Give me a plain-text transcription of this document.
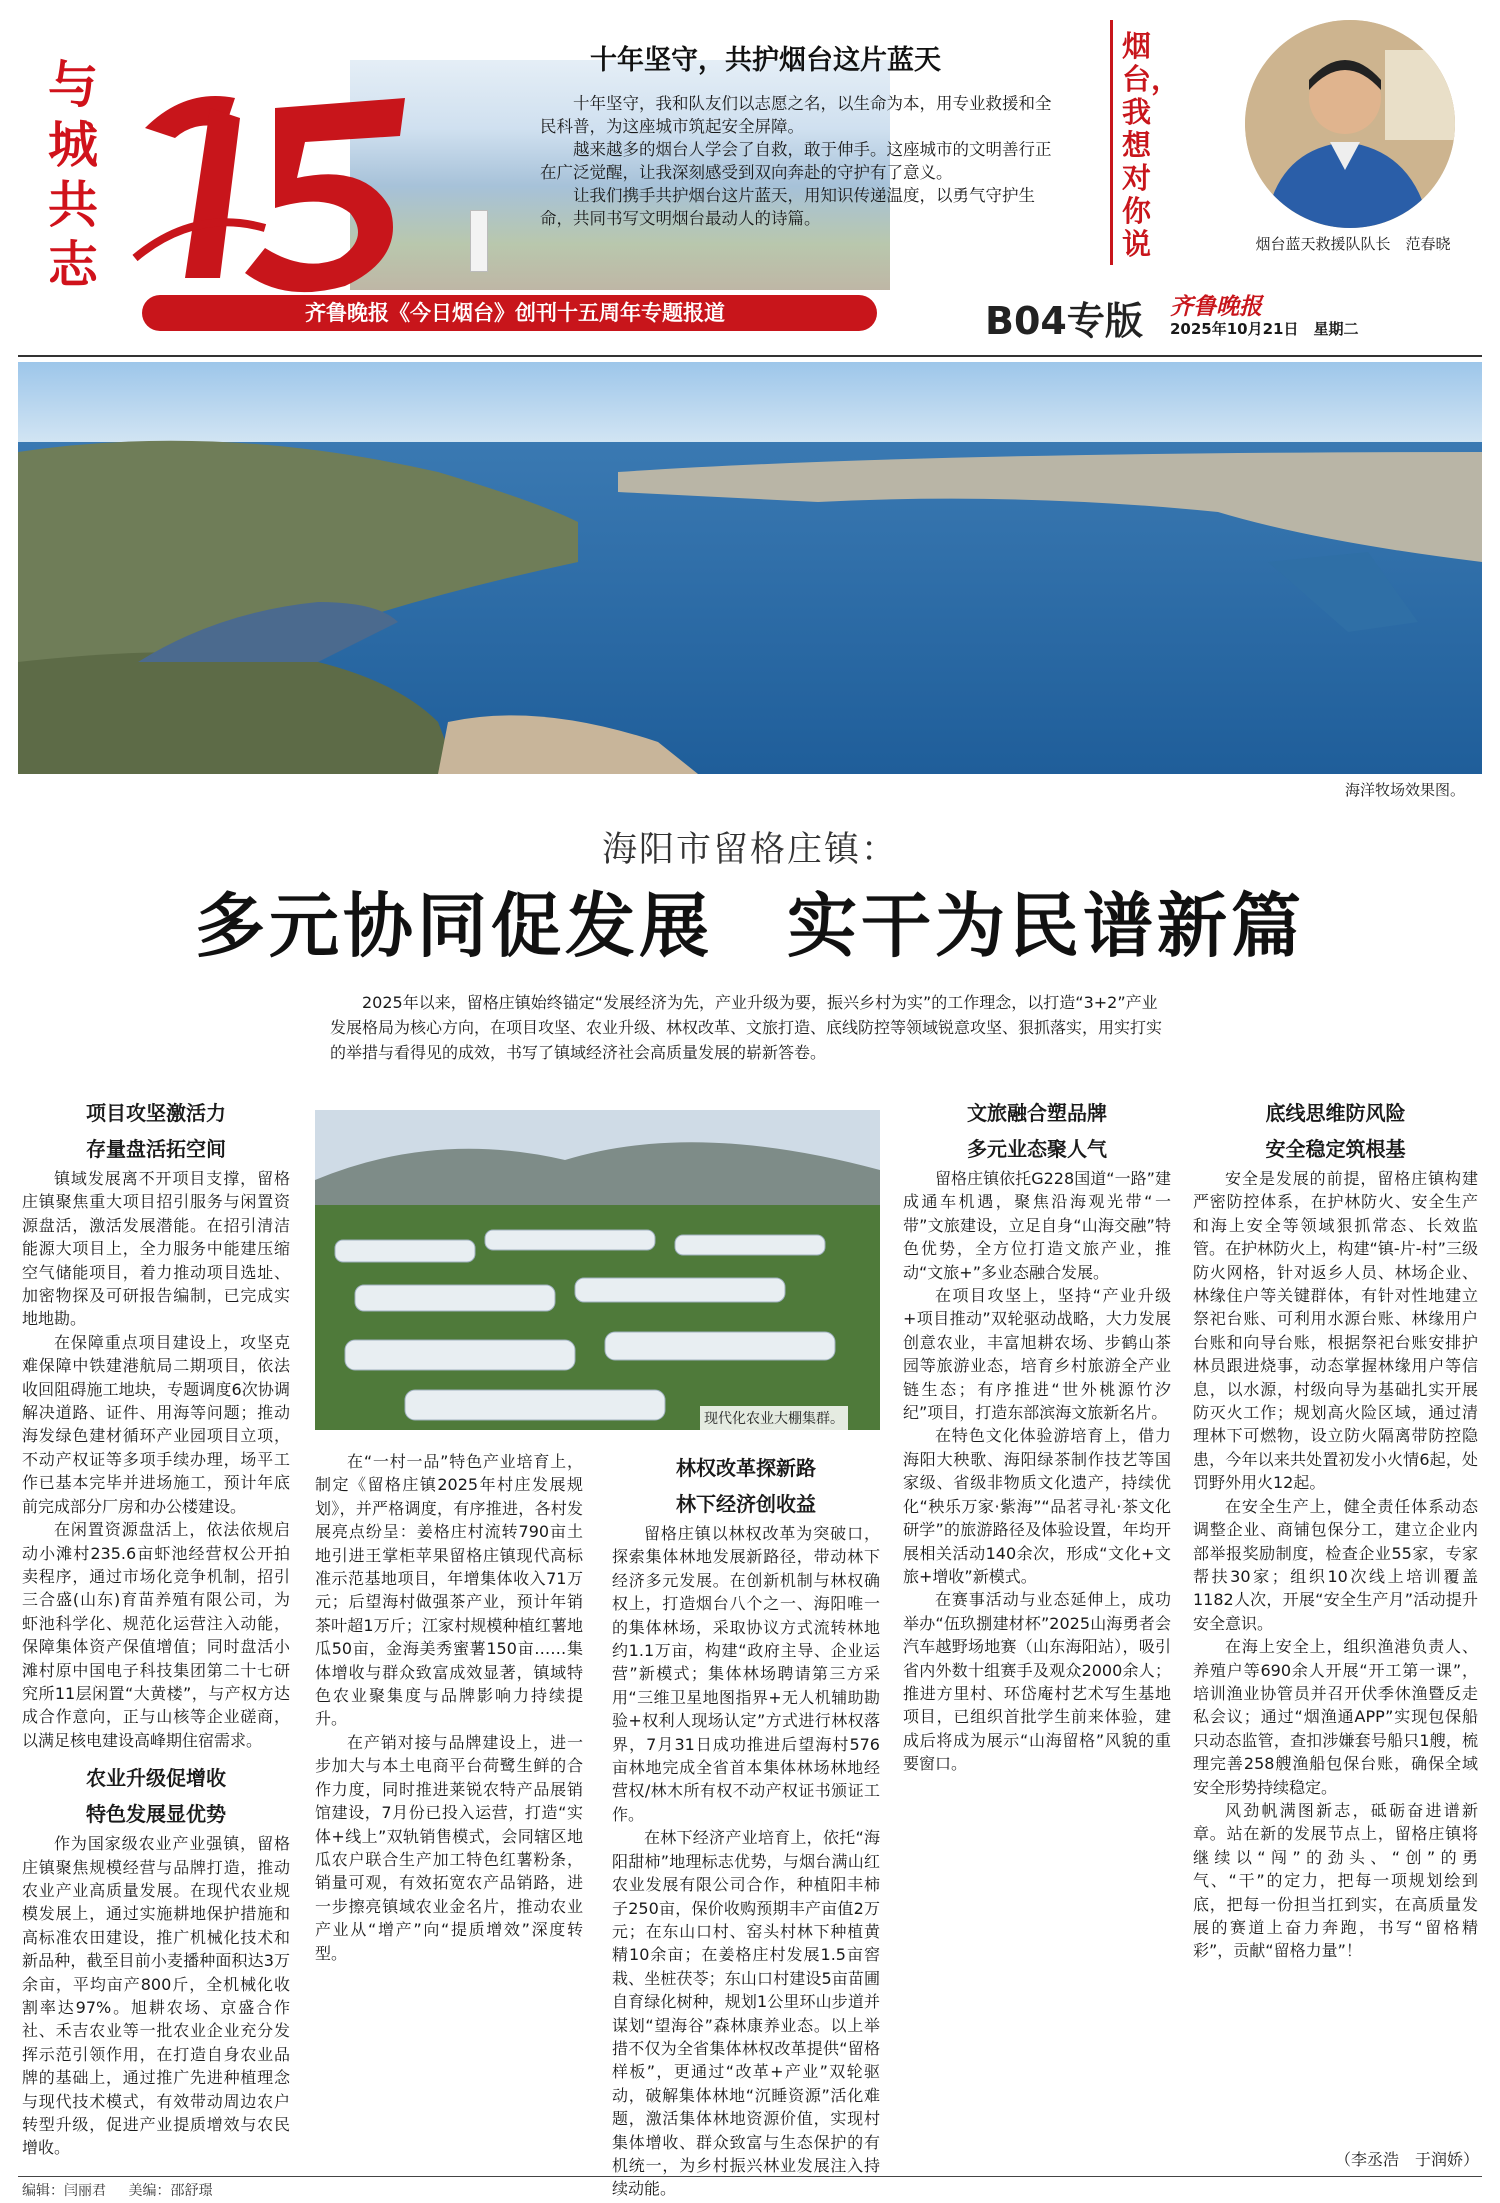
与城共志
15
齐鲁晚报《今日烟台》创刊十五周年专题报道
十年坚守，共护烟台这片蓝天

十年坚守，我和队友们以志愿之名，以生命为本，用专业救援和全民科普，为这座城市筑起安全屏障。

越来越多的烟台人学会了自救，敢于伸手。这座城市的文明善行正在广泛觉醒，让我深刻感受到双向奔赴的守护有了意义。

让我们携手共护烟台这片蓝天，用知识传递温度，以勇气守护生命，共同书写文明烟台最动人的诗篇。

烟台，我想对你说	烟台蓝天救援队队长　范春晓
B04专版 齐鲁晚报
2025年10月21日　星期二
海洋牧场效果图。
海阳市留格庄镇：
多元协同促发展　实干为民谱新篇
2025年以来，留格庄镇始终锚定“发展经济为先，产业升级为要，振兴乡村为实”的工作理念，以打造“3+2”产业发展格局为核心方向，在项目攻坚、农业升级、林权改革、文旅打造、底线防控等领域锐意攻坚、狠抓落实，用实打实的举措与看得见的成效，书写了镇域经济社会高质量发展的崭新答卷。
项目攻坚激活力
存量盘活拓空间

镇域发展离不开项目支撑，留格庄镇聚焦重大项目招引服务与闲置资源盘活，激活发展潜能。在招引清洁能源大项目上，全力服务中能建压缩空气储能项目，着力推动项目选址、加密物探及可研报告编制，已完成实地地勘。

在保障重点项目建设上，攻坚克难保障中铁建港航局二期项目，依法收回阻碍施工地块，专题调度6次协调解决道路、证件、用海等问题；推动海发绿色建材循环产业园项目立项，不动产权证等多项手续办理，场平工作已基本完毕并进场施工，预计年底前完成部分厂房和办公楼建设。

在闲置资源盘活上，依法依规启动小滩村235.6亩虾池经营权公开拍卖程序，通过市场化竞争机制，招引三合盛(山东)育苗养殖有限公司，为虾池科学化、规范化运营注入动能，保障集体资产保值增值；同时盘活小滩村原中国电子科技集团第二十七研究所11层闲置“大黄楼”，与产权方达成合作意向，正与山核等企业磋商，以满足核电建设高峰期住宿需求。

农业升级促增收
特色发展显优势

作为国家级农业产业强镇，留格庄镇聚焦规模经营与品牌打造，推动农业产业高质量发展。在现代农业规模发展上，通过实施耕地保护措施和高标准农田建设，推广机械化技术和新品种，截至目前小麦播种面积达3万余亩，平均亩产800斤，全机械化收割率达97%。旭耕农场、京盛合作社、禾吉农业等一批农业企业充分发挥示范引领作用，在打造自身农业品牌的基础上，通过推广先进种植理念与现代技术模式，有效带动周边农户转型升级，促进产业提质增效与农民增收。

现代化农业大棚集群。

在“一村一品”特色产业培育上，制定《留格庄镇2025年村庄发展规划》，并严格调度，有序推进，各村发展亮点纷呈：姜格庄村流转790亩土地引进王掌柜苹果留格庄镇现代高标准示范基地项目，年增集体收入71万元；后望海村做强茶产业，预计年销茶叶超1万斤；江家村规模种植红薯地瓜50亩，金海美秀蜜薯150亩……集体增收与群众致富成效显著，镇域特色农业聚集度与品牌影响力持续提升。

在产销对接与品牌建设上，进一步加大与本土电商平台荷鹭生鲜的合作力度，同时推进莱锐农特产品展销馆建设，7月份已投入运营，打造“实体+线上”双轨销售模式，会同辖区地瓜农户联合生产加工特色红薯粉条，销量可观，有效拓宽农产品销路，进一步擦亮镇域农业金名片，推动农业产业从“增产”向“提质增效”深度转型。

林权改革探新路
林下经济创收益

留格庄镇以林权改革为突破口，探索集体林地发展新路径，带动林下经济多元发展。在创新机制与林权确权上，打造烟台八个之一、海阳唯一的集体林场，采取协议方式流转林地约1.1万亩，构建“政府主导、企业运营”新模式；集体林场聘请第三方采用“三维卫星地图指界+无人机辅助勘验+权利人现场认定”方式进行林权落界，7月31日成功推进后望海村576亩林地完成全省首本集体林场林地经营权/林木所有权不动产权证书颁证工作。

在林下经济产业培育上，依托“海阳甜柿”地理标志优势，与烟台满山红农业发展有限公司合作，种植阳丰柿子250亩，保价收购预期丰产亩值2万元；在东山口村、窑头村林下种植黄精10余亩；在姜格庄村发展1.5亩窖栽、坐桩茯苓；东山口村建设5亩苗圃自育绿化树种，规划1公里环山步道并谋划“望海谷”森林康养业态。以上举措不仅为全省集体林权改革提供“留格样板”，更通过“改革+产业”双轮驱动，破解集体林地“沉睡资源”活化难题，激活集体林地资源价值，实现村集体增收、群众致富与生态保护的有机统一，为乡村振兴林业发展注入持续动能。

文旅融合塑品牌
多元业态聚人气

留格庄镇依托G228国道“一路”建成通车机遇，聚焦沿海观光带“一带”文旅建设，立足自身“山海交融”特色优势，全方位打造文旅产业，推动“文旅+”多业态融合发展。

在项目攻坚上，坚持“产业升级+项目推动”双轮驱动战略，大力发展创意农业，丰富旭耕农场、步鹤山茶园等旅游业态，培育乡村旅游全产业链生态；有序推进“世外桃源竹汐纪”项目，打造东部滨海文旅新名片。

在特色文化体验游培育上，借力海阳大秧歌、海阳绿茶制作技艺等国家级、省级非物质文化遗产，持续优化“秧乐万家·紫海”“品茗寻礼·茶文化研学”的旅游路径及体验设置，年均开展相关活动140余次，形成“文化+文旅+增收”新模式。

在赛事活动与业态延伸上，成功举办“伍玖捌建材杯”2025山海勇者会汽车越野场地赛（山东海阳站），吸引省内外数十组赛手及观众2000余人；推进方里村、环岱庵村艺术写生基地项目，已组织首批学生前来体验，建成后将成为展示“山海留格”风貌的重要窗口。

底线思维防风险
安全稳定筑根基

安全是发展的前提，留格庄镇构建严密防控体系，在护林防火、安全生产和海上安全等领域狠抓常态、长效监管。在护林防火上，构建“镇-片-村”三级防火网格，针对返乡人员、林场企业、林缘住户等关键群体，有针对性地建立祭祀台账、可利用水源台账、林缘用户台账和向导台账，根据祭祀台账安排护林员跟进烧事，动态掌握林缘用户等信息，以水源，村级向导为基础扎实开展防灭火工作；规划高火险区域，通过清理林下可燃物，设立防火隔离带防控隐患，今年以来共处置初发小火情6起，处罚野外用火12起。

在安全生产上，健全责任体系动态调整企业、商铺包保分工，建立企业内部举报奖励制度，检查企业55家，专家帮扶30家；组织10次线上培训覆盖1182人次，开展“安全生产月”活动提升安全意识。

在海上安全上，组织渔港负责人、养殖户等690余人开展“开工第一课”，培训渔业协管员并召开伏季休渔暨反走私会议；通过“烟渔通APP”实现包保船只动态监管，查扣涉嫌套号船只1艘，梳理完善258艘渔船包保台账，确保全域安全形势持续稳定。

风劲帆满图新志，砥砺奋进谱新章。站在新的发展节点上，留格庄镇将继续以“闯”的劲头、“创”的勇气、“干”的定力，把每一项规划绘到底，把每一份担当扛到实，在高质量发展的赛道上奋力奔跑，书写“留格精彩”，贡献“留格力量”！

（李丞浩　于润娇）
编辑：闫丽君 美编：邵舒璟
